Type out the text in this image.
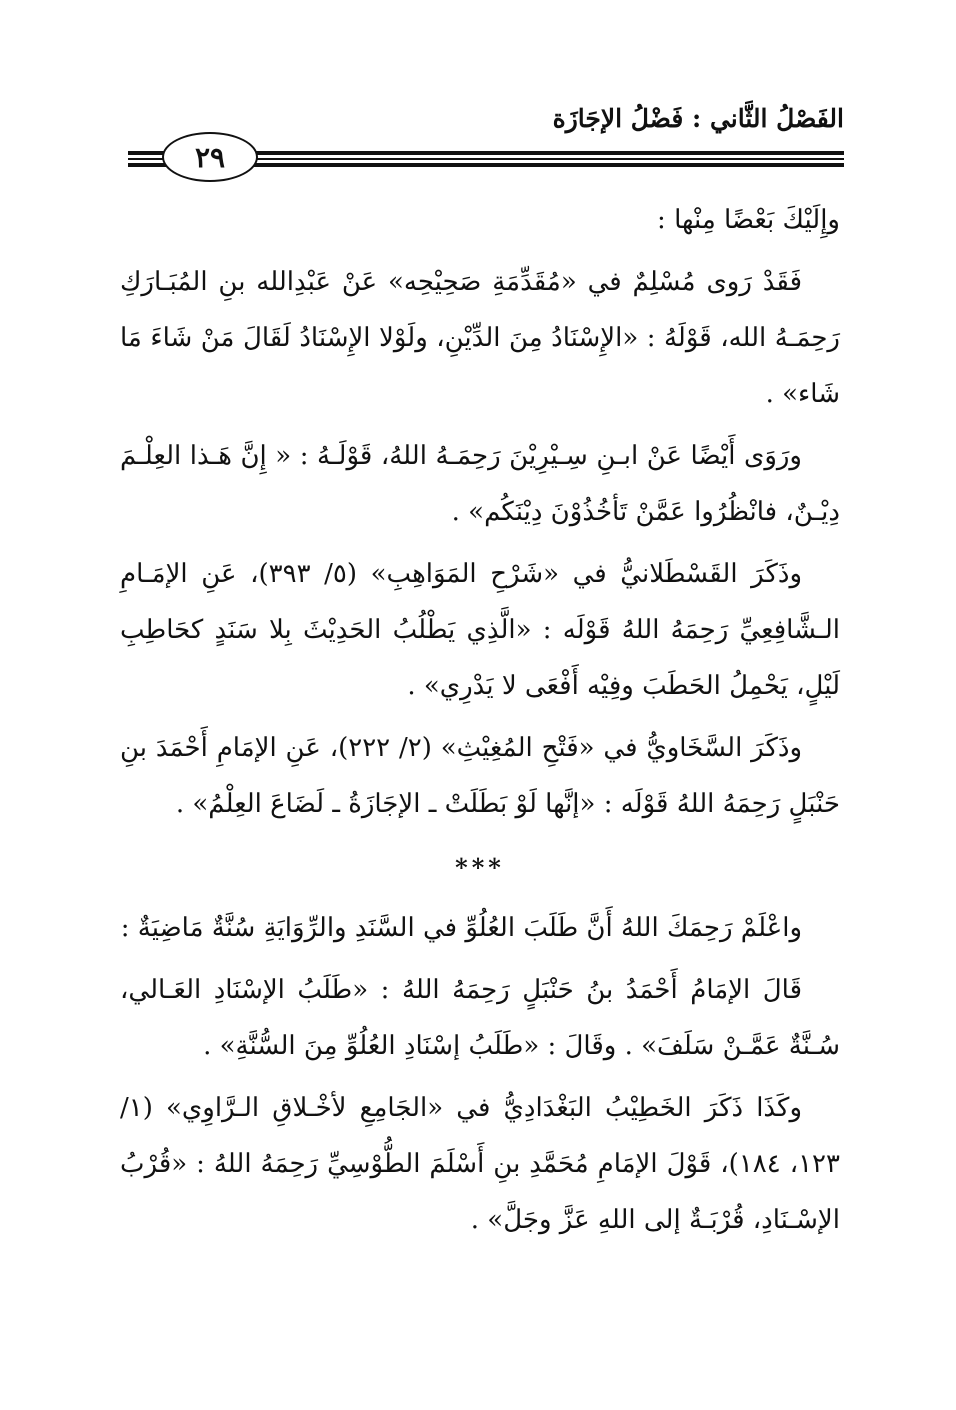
الفَصْلُ الثَّاني : فَضْلُ الإجَازَة
٢٩

وإِلَيْكَ بَعْضًا مِنْها :

فَقَدْ رَوى مُسْلِمٌ في «مُقَدِّمَةِ صَحِيْحِه» عَنْ عَبْدِالله بنِ المُبَـارَكِ رَحِمَـهُ الله، قَوْلَهُ : «الإِسْنَادُ مِنَ الدِّيْنِ، ولَوْلا الإِسْنَادُ لَقَالَ مَنْ شَاءَ مَا شَاء» .

ورَوَى أَيْضًا عَنْ ابـنِ سِـيْرِيْنَ رَحِمَـهُ اللهُ، قَوْلَـهُ : « إِنَّ هَـذا العِلْـمَ دِيْـنٌ، فانْظُرُوا عَمَّنْ تَأخُذُوْنَ دِيْنَكُم» .

وذَكَرَ القَسْطَلانيُّ في «شَرْحِ المَوَاهِبِ» (٥/ ٣٩٣)، عَنِ الإمَـامِ الـشَّافِعِيِّ رَحِمَهُ اللهُ قَوْلَه : «الَّذِي يَطْلُبُ الحَدِيْثَ بِلا سَنَدٍ كحَاطِبِ لَيْلٍ، يَحْمِلُ الحَطَبَ وفِيْه أَفْعَى لا يَدْرِي» .

وذَكَرَ السَّخَاويُّ في «فَتْحِ المُغِيْثِ» (٢/ ٢٢٢)، عَنِ الإمَامِ أَحْمَدَ بنِ حَنْبَلٍ رَحِمَهُ اللهُ قَوْلَه : «إنَّها لَوْ بَطَلَتْ ـ الإجَازَةُ ـ لَضَاعَ العِلْمُ» .

***

واعْلَمْ رَحِمَكَ اللهُ أَنَّ طَلَبَ العُلُوِّ في السَّنَدِ والرِّوَايَةِ سُنَّةٌ مَاضِيَةٌ :

قَالَ الإمَامُ أَحْمَدُ بنُ حَنْبَلٍ رَحِمَهُ اللهُ : «طَلَبُ الإسْنَادِ العَـالي، سُـنَّةٌ عَمَّـنْ سَلَفَ» . وقَالَ : «طَلَبُ إسْنَادِ العُلُوِّ مِنَ السُّنَّةِ» .

وكَذَا ذَكَرَ الخَطِيْبُ البَغْدَادِيُّ في «الجَامِعِ لأخْـلاقِ الـرَّاوِي» (١/ ١٢٣، ١٨٤)، قَوْلَ الإمَامِ مُحَمَّدِ بنِ أَسْلَمَ الطُّوْسِيِّ رَحِمَهُ اللهُ : «قُرْبُ الإسْـنَادِ، قُرْبَـةٌ إلى اللهِ عَزَّ وجَلَّ» .
